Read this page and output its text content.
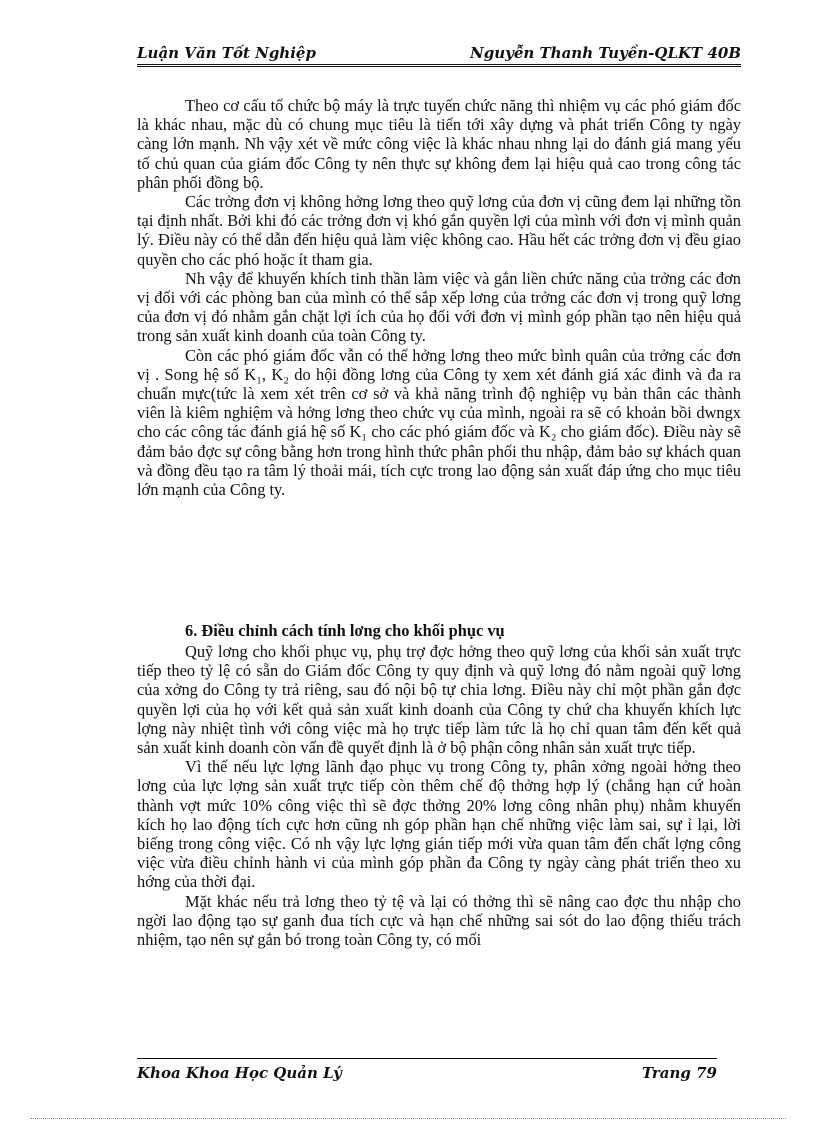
Luận Văn Tốt Nghiệp	Nguyễn Thanh Tuyền-QLKT 40B

Theo cơ cấu tổ chức bộ máy là trực tuyến chức năng thì nhiệm vụ các phó giám đốc là khác nhau, mặc dù có chung mục tiêu là tiến tới xây dựng và phát triển Công ty ngày càng lớn mạnh. Nh vậy xét về mức công việc là khác nhau nhng lại do đánh giá mang yếu tố chủ quan của giám đốc Công ty nên thực sự không đem lại hiệu quả cao trong công tác phân phối đồng bộ.

Các trởng đơn vị không hởng lơng theo quỹ lơng của đơn vị cũng đem lại những tồn tại định nhất. Bởi khi đó các trởng đơn vị khó gắn quyền lợi của mình với đơn vị mình quản lý. Điều này có thể dẫn đến hiệu quả làm việc không cao. Hầu hết các trởng đơn vị đều giao quyền cho các phó hoặc ít tham gia.

Nh vậy để khuyến khích tinh thần làm việc và gắn liền chức năng của trởng các đơn vị đối với các phòng ban của mình có thể sắp xếp lơng của trởng các đơn vị trong quỹ lơng của đơn vị đó nhằm gắn chặt lợi ích của họ đối với đơn vị mình góp phần tạo nên hiệu quả trong sản xuất kinh doanh của toàn Công ty.

Còn các phó giám đốc vẫn có thể hởng lơng theo mức bình quân của trởng các đơn vị . Song hệ số K₁, K₂ do hội đồng lơng của Công ty xem xét đánh giá xác đinh và đa ra chuẩn mực(tức là xem xét trên cơ sở và khả năng trình độ nghiệp vụ bản thân các thành viên là kiêm nghiệm và hởng lơng theo chức vụ của mình, ngoài ra sẽ có khoản bồi dwngx cho các công tác đánh giá hệ số K₁ cho các phó giám đốc và K₂ cho giám đốc). Điều này sẽ đảm bảo đợc sự công bằng hơn trong hình thức phân phối thu nhập, đảm bảo sự khách quan và đồng đều tạo ra tâm lý thoải mái, tích cực trong lao động sản xuất đáp ứng cho mục tiêu lớn mạnh của Công ty.

6. Điều chỉnh cách tính lơng cho khối phục vụ

Quỹ lơng cho khối phục vụ, phụ trợ đợc hởng theo quỹ lơng của khối sản xuất trực tiếp theo tỷ lệ có sẵn do Giám đốc Công ty quy định và quỹ lơng đó nằm ngoài quỹ lơng của xởng do Công ty trả riêng, sau đó nội bộ tự chia lơng. Điều này chỉ một phần gắn đợc quyền lợi của họ với kết quả sản xuất kinh doanh của Công ty chứ cha khuyến khích lực lợng này nhiệt tình với công việc mà họ trực tiếp làm tức là họ chỉ quan tâm đến kết quả sản xuất kinh doanh còn vấn đề quyết định là ở bộ phận công nhân sản xuất trực tiếp.

Vì thế nếu lực lợng lãnh đạo phục vụ trong Công ty, phân xởng ngoài hởng theo lơng của lực lợng sản xuất trực tiếp còn thêm chế độ thởng hợp lý (chẳng hạn cứ hoàn thành vợt mức 10% công việc thì sẽ đợc thởng 20% lơng công nhân phụ) nhằm khuyến kích họ lao động tích cực hơn cũng nh góp phần hạn chế những việc làm sai, sự ỉ lại, lời biếng trong công việc. Có nh vậy lực lợng gián tiếp mới vừa quan tâm đến chất lợng công việc vừa điều chỉnh hành vi của mình góp phần đa Công ty ngày càng phát triển theo xu hớng của thời đại.

Mặt khác nếu trả lơng theo tỷ tệ và lại có thởng thì sẽ nâng cao đợc thu nhập cho ngời lao động tạo sự ganh đua tích cực và hạn chế những sai sót do lao động thiếu trách nhiệm, tạo nên sự gắn bó trong toàn Công ty, có mối

Khoa Khoa Học Quản Lý	Trang 79
